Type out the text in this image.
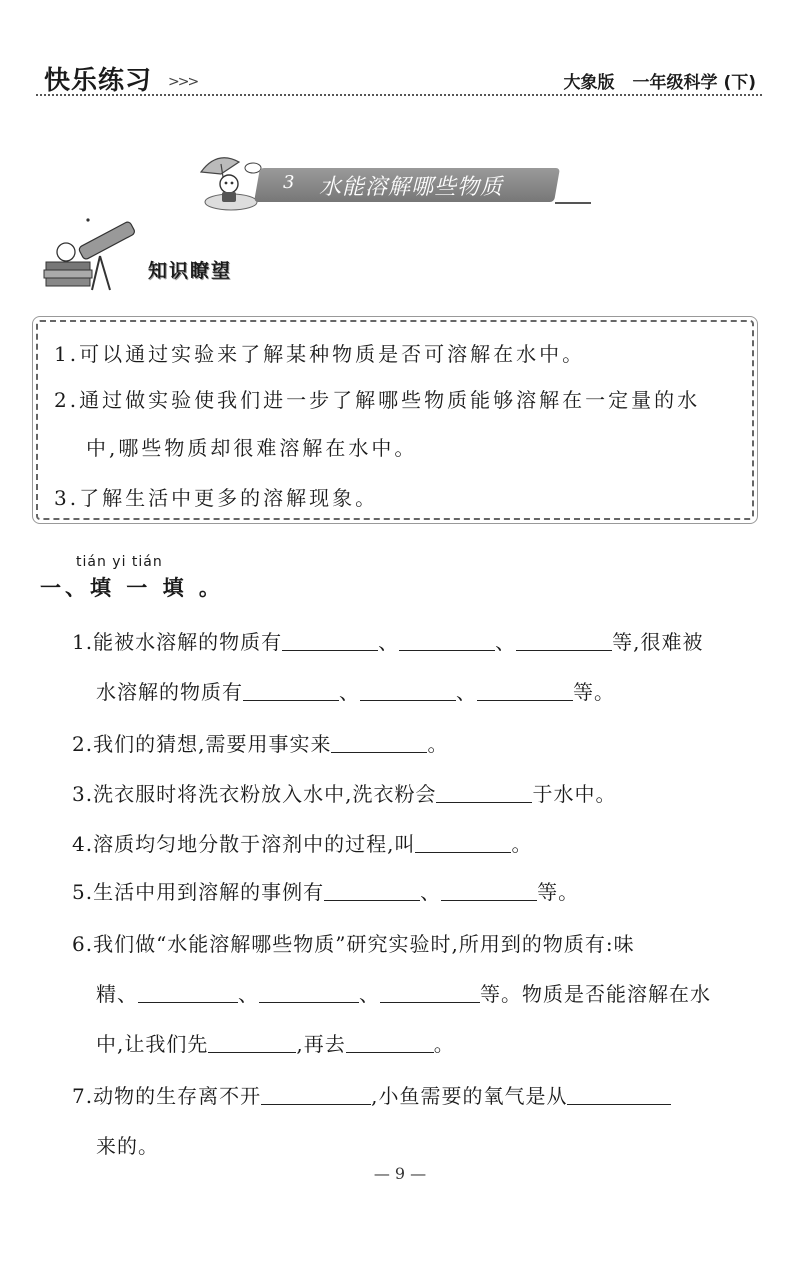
快乐练习 >>>	大象版 一年级科学 (下)
3 水能溶解哪些物质
知识瞭望
1.可以通过实验来了解某种物质是否可溶解在水中。
2.通过做实验使我们进一步了解哪些物质能够溶解在一定量的水
中,哪些物质却很难溶解在水中。
3.了解生活中更多的溶解现象。
tián yi tián
一、填 一 填 。
1.能被水溶解的物质有	、	、	等,很难被
水溶解的物质有	、	、	等。
2.我们的猜想,需要用事实来	。
3.洗衣服时将洗衣粉放入水中,洗衣粉会	于水中。
4.溶质均匀地分散于溶剂中的过程,叫	。
5.生活中用到溶解的事例有	、	等。
6.我们做“水能溶解哪些物质”研究实验时,所用到的物质有:味
精、	、	、	等。物质是否能溶解在水
中,让我们先	,再去	。
7.动物的生存离不开	,小鱼需要的氧气是从
来的。
— 9 —
